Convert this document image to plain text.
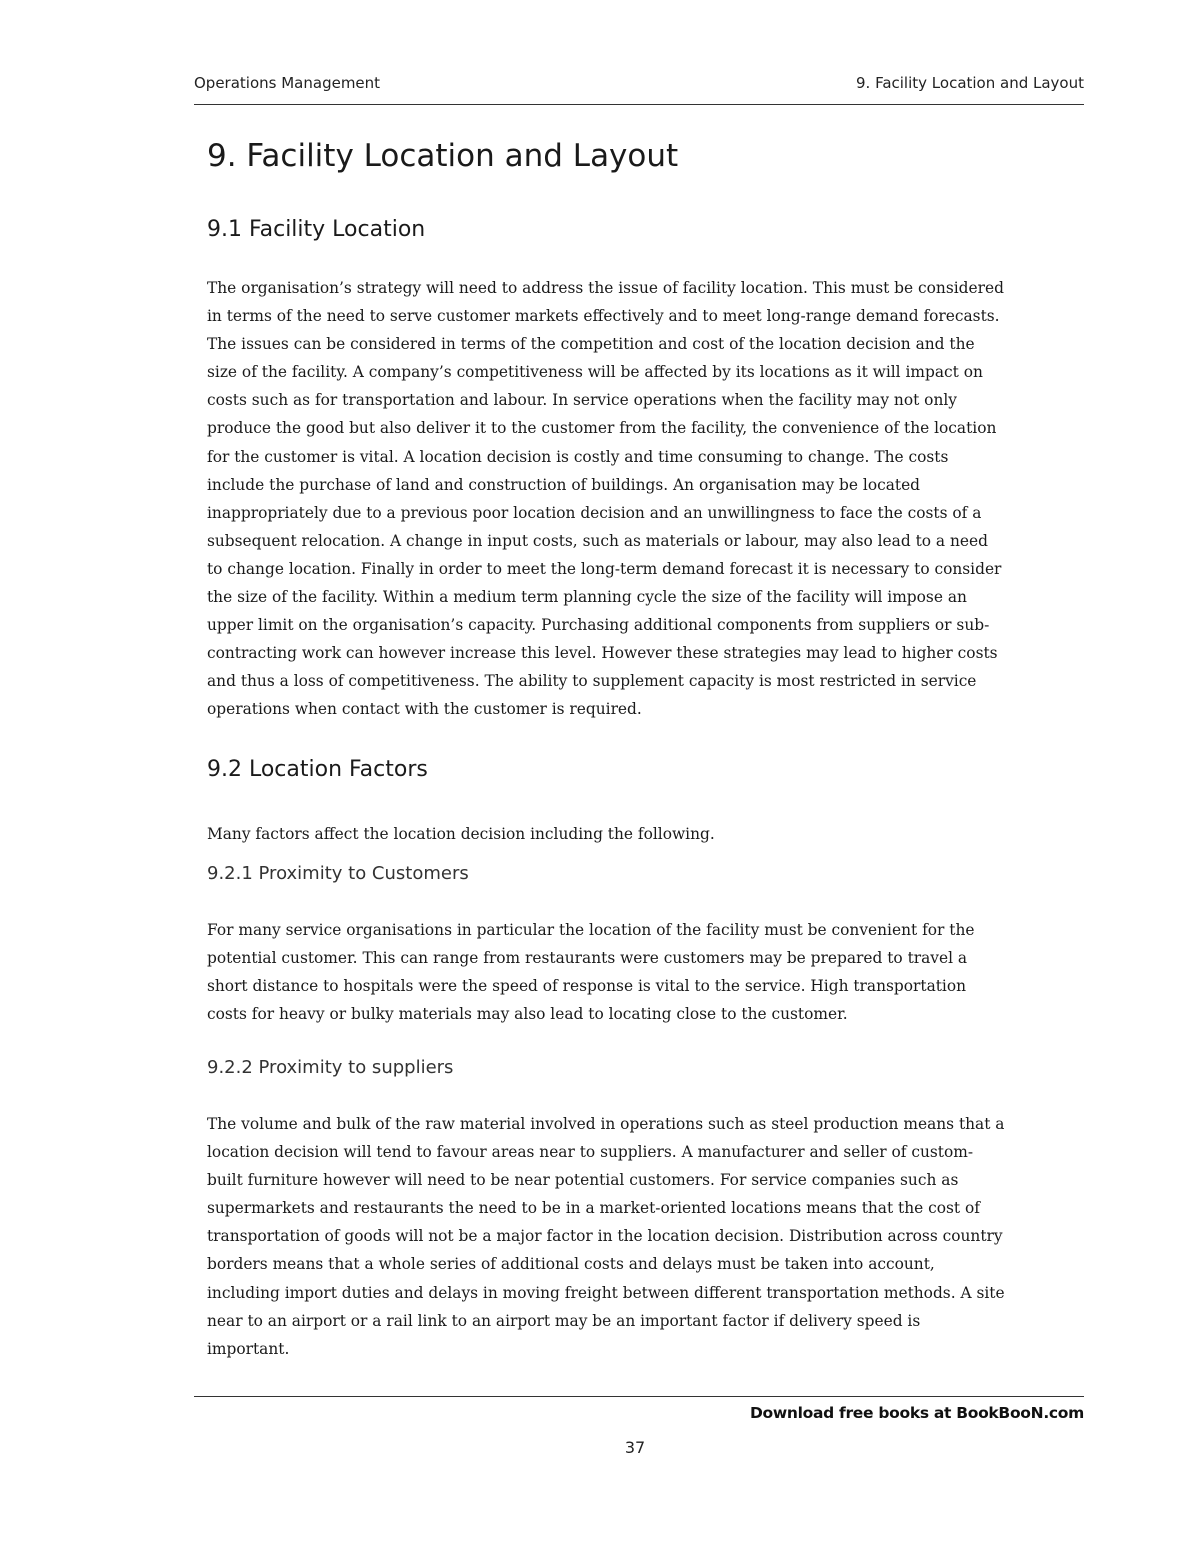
Operations Management	9. Facility Location and Layout
9. Facility Location and Layout
9.1 Facility Location

The organisation’s strategy will need to address the issue of facility location. This must be considered in terms of the need to serve customer markets effectively and to meet long-range demand forecasts. The issues can be considered in terms of the competition and cost of the location decision and the size of the facility. A company’s competitiveness will be affected by its locations as it will impact on costs such as for transportation and labour. In service operations when the facility may not only produce the good but also deliver it to the customer from the facility, the convenience of the location for the customer is vital. A location decision is costly and time consuming to change. The costs include the purchase of land and construction of buildings. An organisation may be located inappropriately due to a previous poor location decision and an unwillingness to face the costs of a subsequent relocation. A change in input costs, such as materials or labour, may also lead to a need to change location. Finally in order to meet the long-term demand forecast it is necessary to consider the size of the facility. Within a medium term planning cycle the size of the facility will impose an upper limit on the organisation’s capacity. Purchasing additional components from suppliers or sub-contracting work can however increase this level. However these strategies may lead to higher costs and thus a loss of competitiveness. The ability to supplement capacity is most restricted in service operations when contact with the customer is required.

9.2 Location Factors

Many factors affect the location decision including the following.

9.2.1 Proximity to Customers

For many service organisations in particular the location of the facility must be convenient for the potential customer. This can range from restaurants were customers may be prepared to travel a short distance to hospitals were the speed of response is vital to the service. High transportation costs for heavy or bulky materials may also lead to locating close to the customer.

9.2.2 Proximity to suppliers

The volume and bulk of the raw material involved in operations such as steel production means that a location decision will tend to favour areas near to suppliers. A manufacturer and seller of custom-built furniture however will need to be near potential customers. For service companies such as supermarkets and restaurants the need to be in a market-oriented locations means that the cost of transportation of goods will not be a major factor in the location decision. Distribution across country borders means that a whole series of additional costs and delays must be taken into account, including import duties and delays in moving freight between different transportation methods. A site near to an airport or a rail link to an airport may be an important factor if delivery speed is important.

Download free books at BookBooN.com
37
